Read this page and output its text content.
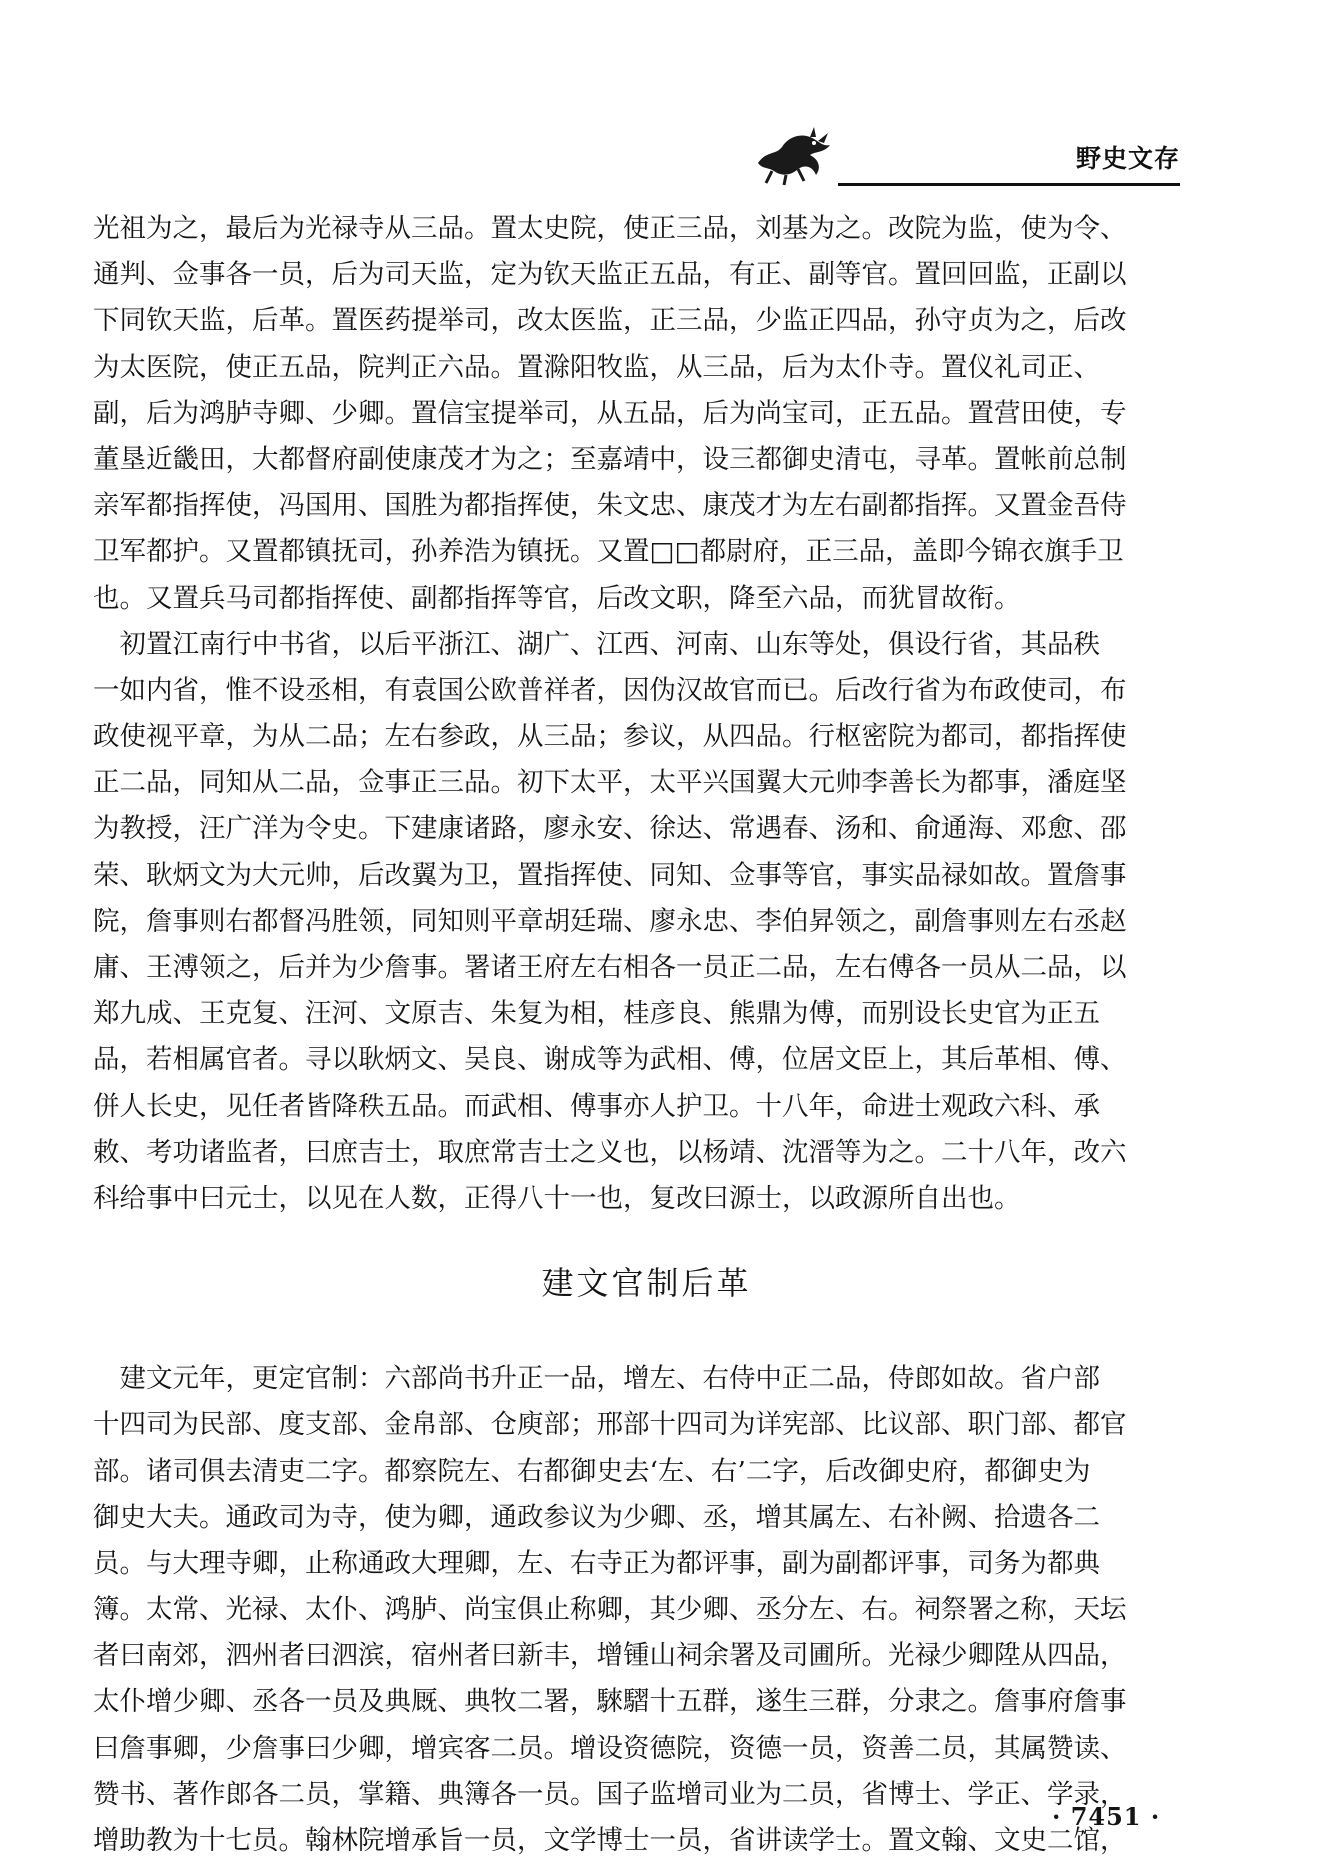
野史文存
光祖为之，最后为光禄寺从三品。置太史院，使正三品，刘基为之。改院为监，使为令、
通判、佥事各一员，后为司天监，定为钦天监正五品，有正、副等官。置回回监，正副以
下同钦天监，后革。置医药提举司，改太医监，正三品，少监正四品，孙守贞为之，后改
为太医院，使正五品，院判正六品。置滁阳牧监，从三品，后为太仆寺。置仪礼司正、
副，后为鸿胪寺卿、少卿。置信宝提举司，从五品，后为尚宝司，正五品。置营田使，专
董垦近畿田，大都督府副使康茂才为之；至嘉靖中，设三都御史清屯，寻革。置帐前总制
亲军都指挥使，冯国用、国胜为都指挥使，朱文忠、康茂才为左右副都指挥。又置金吾侍
卫军都护。又置都镇抚司，孙养浩为镇抚。又置□□都尉府，正三品，盖即今锦衣旗手卫
也。又置兵马司都指挥使、副都指挥等官，后改文职，降至六品，而犹冒故衔。
　初置江南行中书省，以后平浙江、湖广、江西、河南、山东等处，俱设行省，其品秩
一如内省，惟不设丞相，有袁国公欧普祥者，因伪汉故官而已。后改行省为布政使司，布
政使视平章，为从二品；左右参政，从三品；参议，从四品。行枢密院为都司，都指挥使
正二品，同知从二品，佥事正三品。初下太平，太平兴国翼大元帅李善长为都事，潘庭坚
为教授，汪广洋为令史。下建康诸路，廖永安、徐达、常遇春、汤和、俞通海、邓愈、邵
荣、耿炳文为大元帅，后改翼为卫，置指挥使、同知、佥事等官，事实品禄如故。置詹事
院，詹事则右都督冯胜领，同知则平章胡廷瑞、廖永忠、李伯昇领之，副詹事则左右丞赵
庸、王溥领之，后并为少詹事。署诸王府左右相各一员正二品，左右傅各一员从二品，以
郑九成、王克复、汪河、文原吉、朱复为相，桂彦良、熊鼎为傅，而别设长史官为正五
品，若相属官者。寻以耿炳文、吴良、谢成等为武相、傅，位居文臣上，其后革相、傅、
併人长史，见任者皆降秩五品。而武相、傅事亦人护卫。十八年，命进士观政六科、承
敕、考功诸监者，曰庶吉士，取庶常吉士之义也，以杨靖、沈溍等为之。二十八年，改六
科给事中曰元士，以见在人数，正得八十一也，复改曰源士，以政源所自出也。
建文官制后革
　建文元年，更定官制：六部尚书升正一品，增左、右侍中正二品，侍郎如故。省户部
十四司为民部、度支部、金帛部、仓庾部；邢部十四司为详宪部、比议部、职门部、都官
部。诸司俱去清吏二字。都察院左、右都御史去‘左、右’二字，后改御史府，都御史为
御史大夫。通政司为寺，使为卿，通政参议为少卿、丞，增其属左、右补阙、拾遗各二
员。与大理寺卿，止称通政大理卿，左、右寺正为都评事，副为副都评事，司务为都典
簿。太常、光禄、太仆、鸿胪、尚宝俱止称卿，其少卿、丞分左、右。祠祭署之称，天坛
者曰南郊，泗州者曰泗滨，宿州者曰新丰，增锺山祠余署及司圃所。光禄少卿陞从四品，
太仆增少卿、丞各一员及典厩、典牧二署，騋騽十五群，遂生三群，分隶之。詹事府詹事
曰詹事卿，少詹事曰少卿，增宾客二员。增设资德院，资德一员，资善二员，其属赞读、
赞书、著作郎各二员，掌籍、典簿各一员。国子监增司业为二员，省博士、学正、学录，
增助教为十七员。翰林院增承旨一员，文学博士一员，省讲读学士。置文翰、文史二馆，
· 7451 ·
